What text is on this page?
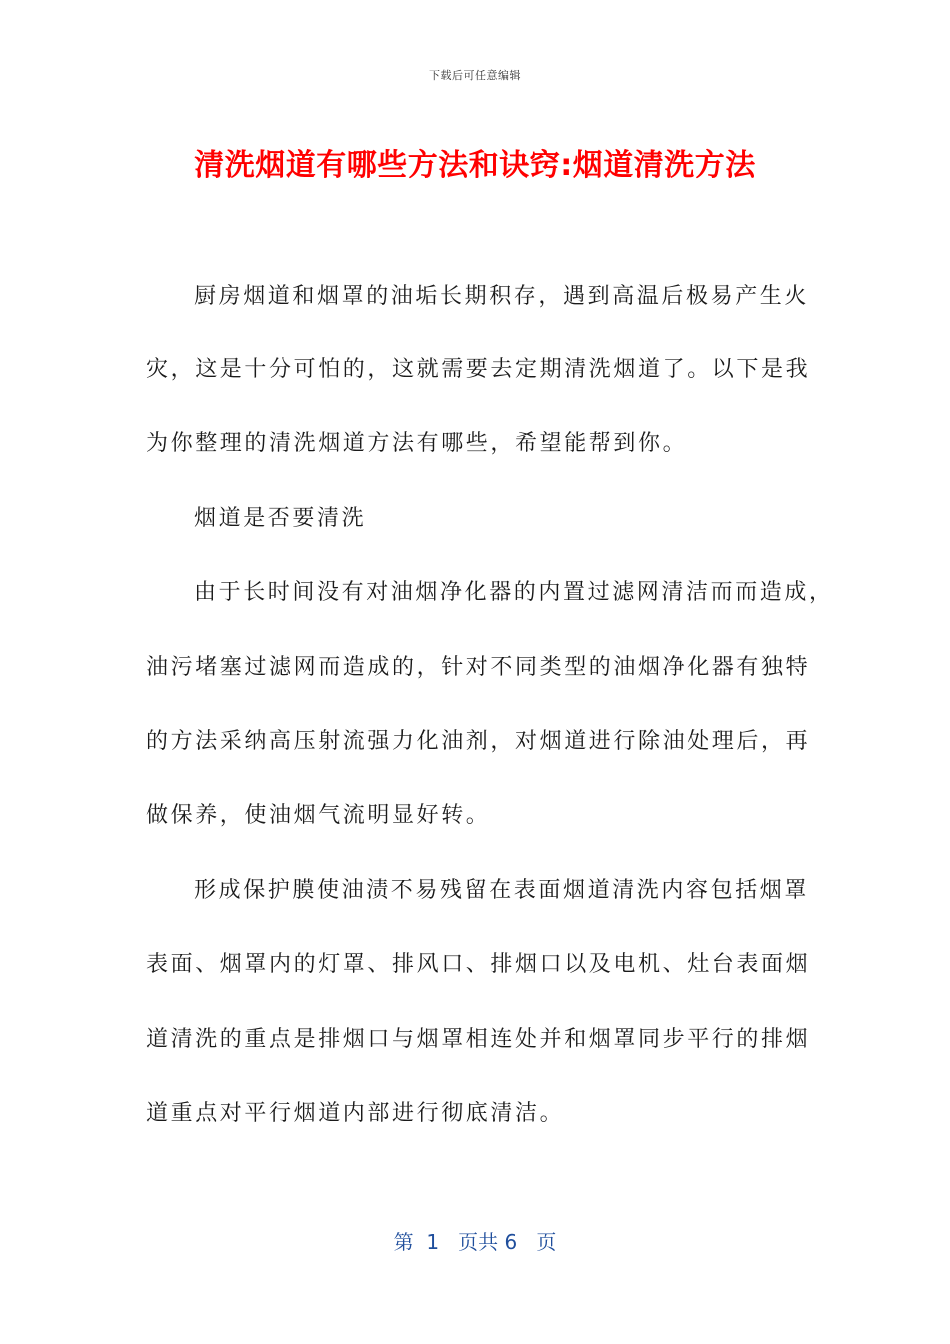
下载后可任意编辑
清洗烟道有哪些方法和诀窍:烟道清洗方法
厨房烟道和烟罩的油垢长期积存，遇到高温后极易产生火
灾，这是十分可怕的，这就需要去定期清洗烟道了。以下是我
为你整理的清洗烟道方法有哪些，希望能帮到你。
烟道是否要清洗
由于长时间没有对油烟净化器的内置过滤网清洁而而造成，
油污堵塞过滤网而造成的，针对不同类型的油烟净化器有独特
的方法采纳高压射流强力化油剂，对烟道进行除油处理后，再
做保养，使油烟气流明显好转。
形成保护膜使油渍不易残留在表面烟道清洗内容包括烟罩
表面、烟罩内的灯罩、排风口、排烟口以及电机、灶台表面烟
道清洗的重点是排烟口与烟罩相连处并和烟罩同步平行的排烟
道重点对平行烟道内部进行彻底清洁。
第  1   页共 6   页
